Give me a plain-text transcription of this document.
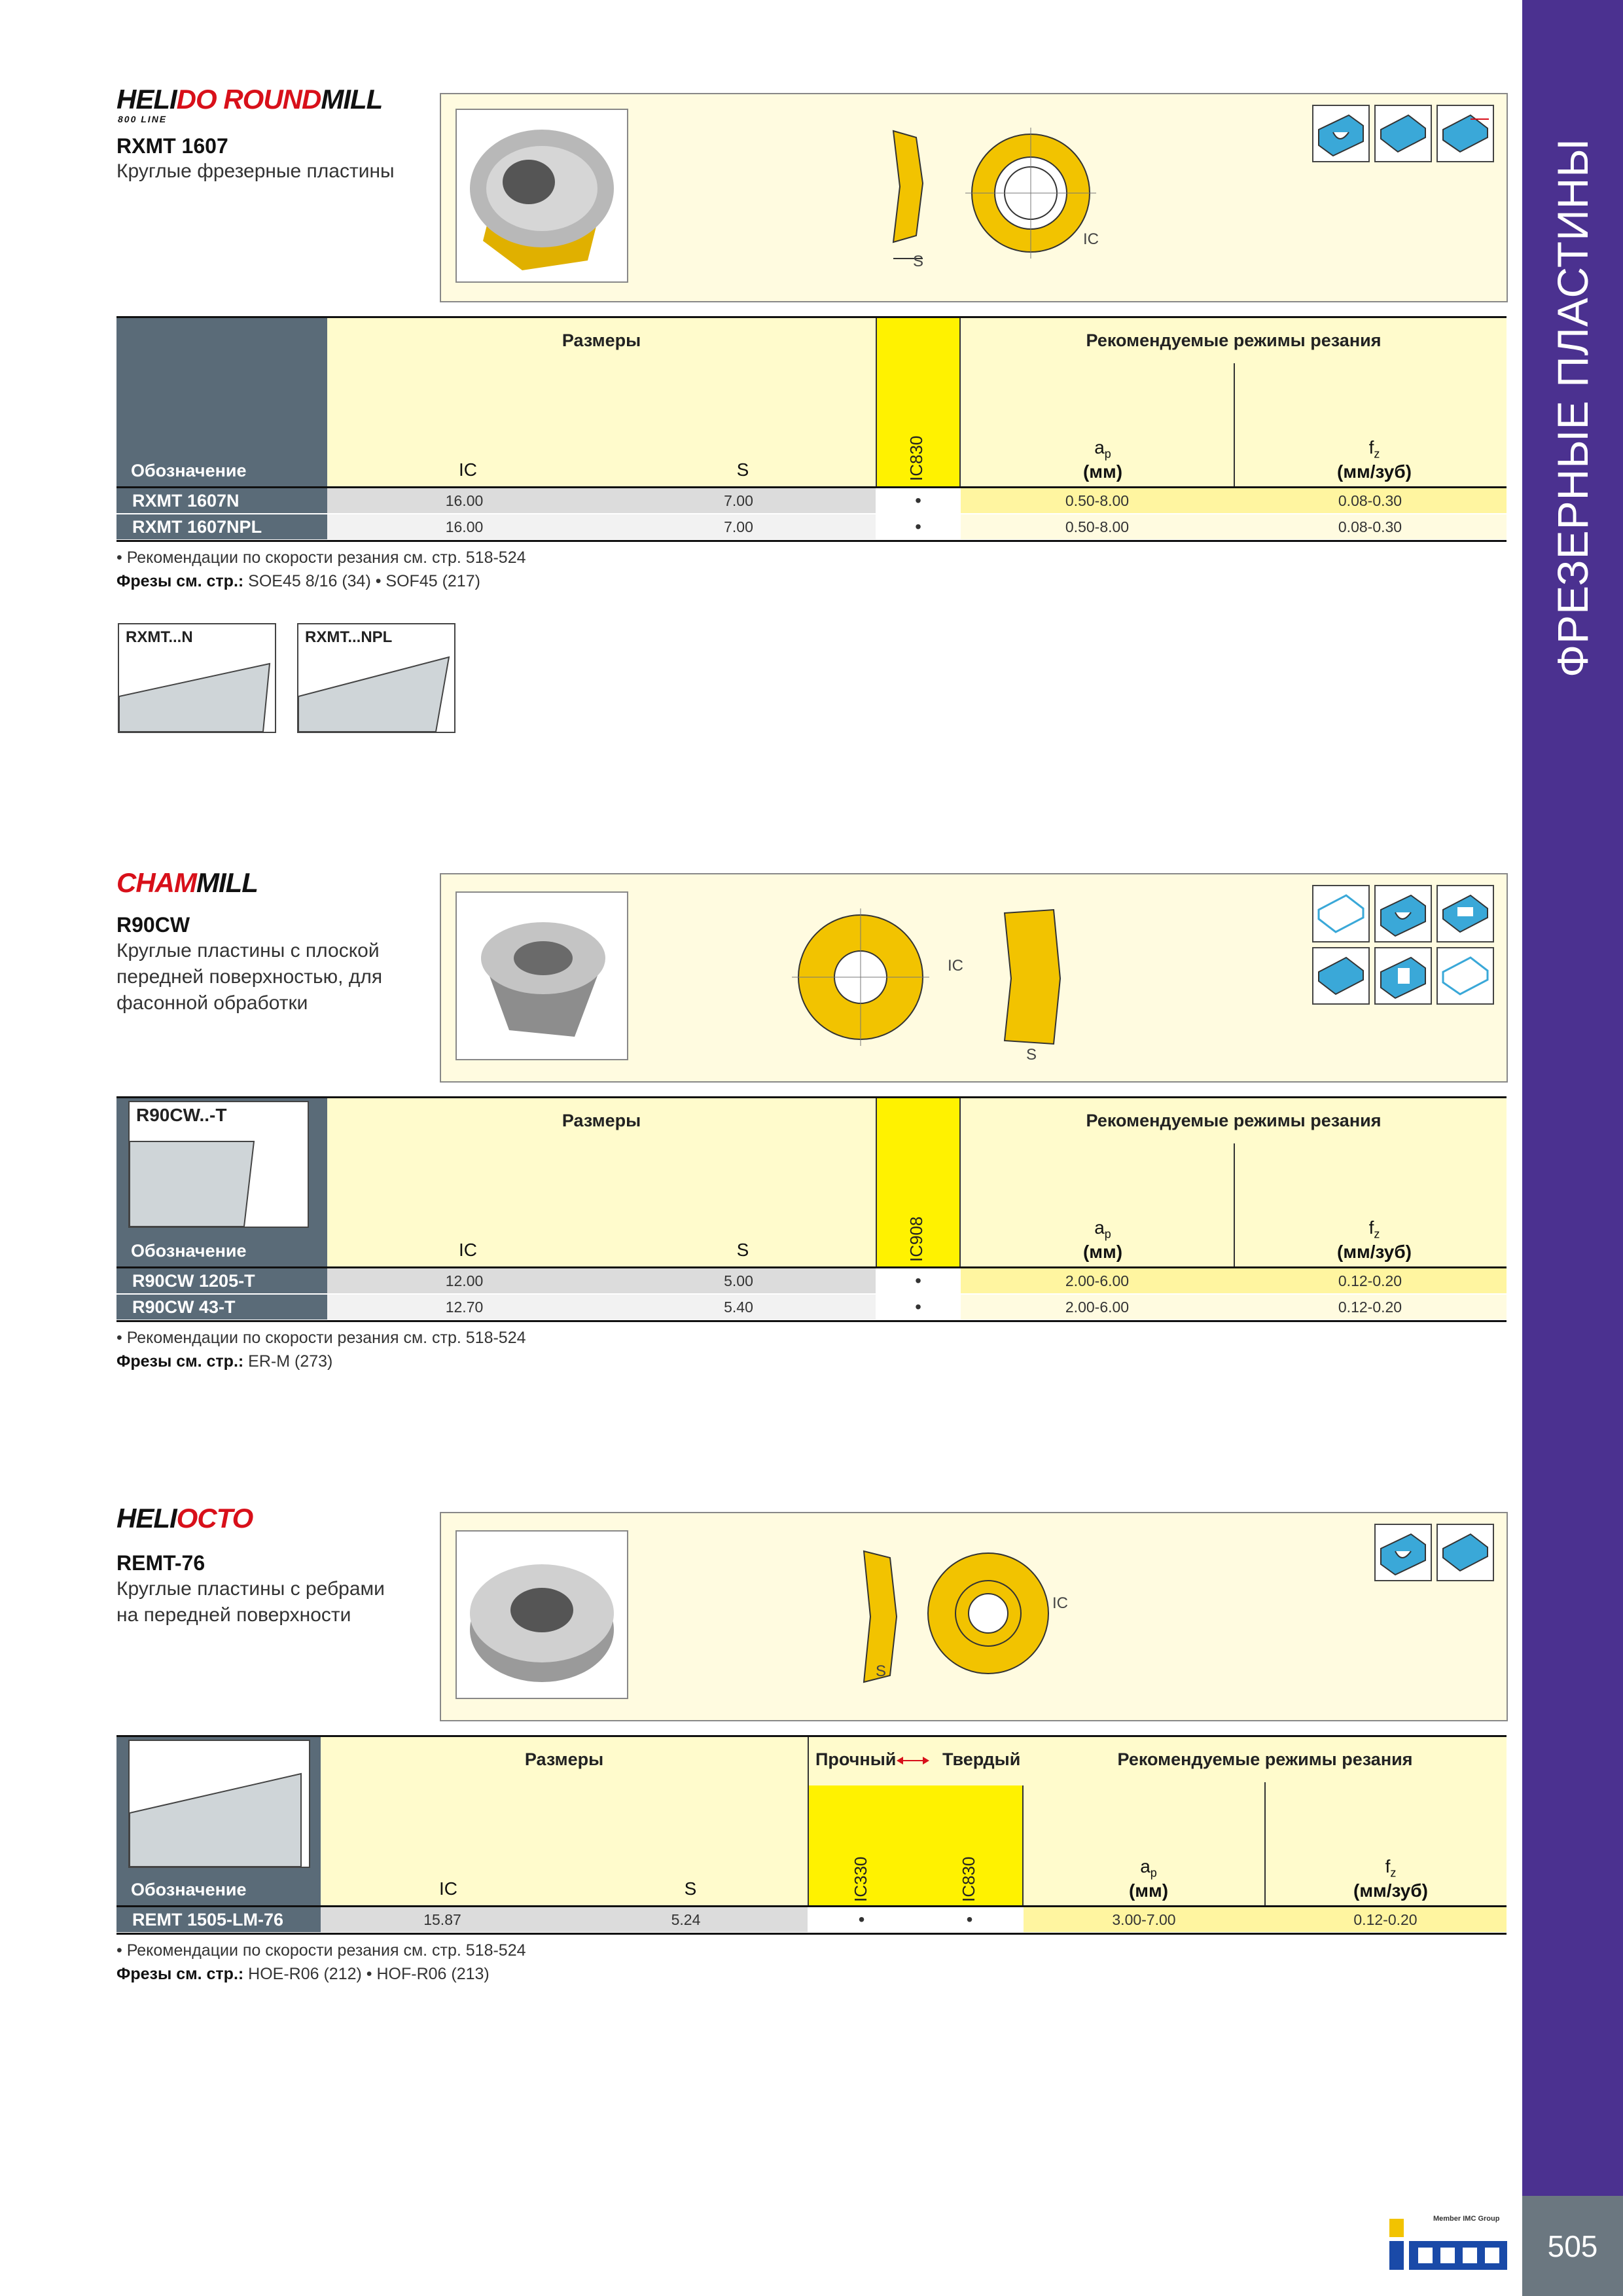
ФРЕЗЕРНЫЕ ПЛАСТИНЫ
505
Member IMC Group
HELIDO ROUNDMILL
800 LINE
RXMT 1607
Круглые фрезерные пластины
S
IC
Обозначение
Размеры
IC	S	IC830
Рекомендуемые режимы резания
$a_p$
(мм)
$f_z$
(мм/зуб)
RXMT 1607N	16.00	7.00	•	0.50-8.00	0.08-0.30
RXMT 1607NPL	16.00	7.00	•	0.50-8.00	0.08-0.30
• Рекомендации по скорости резания см. стр. 518-524
Фрезы см. стр.: SOE45 8/16 (34) • SOF45 (217)
RXMT...N	RXMT...NPL
CHAMMILL
R90CW
Круглые пластины с плоской
передней поверхностью, для
фасонной обработки
IC
S
R90CW..-T
Обозначение
Размеры
IC	S	IC908
Рекомендуемые режимы резания
$a_p$
(мм)
$f_z$
(мм/зуб)
R90CW 1205-T	12.00	5.00	•	2.00-6.00	0.12-0.20
R90CW 43-T	12.70	5.40	•	2.00-6.00	0.12-0.20
• Рекомендации по скорости резания см. стр. 518-524
Фрезы см. стр.: ER-M (273)
HELIOCTO
REMT-76
Круглые пластины с ребрами
на передней поверхности
S
IC
Обозначение
Размеры
IC	S
Прочный	Твердый
IC330	IC830
Рекомендуемые режимы резания
$a_p$
(мм)
$f_z$
(мм/зуб)
REMT 1505-LM-76	15.87	5.24	•	•	3.00-7.00	0.12-0.20
• Рекомендации по скорости резания см. стр. 518-524
Фрезы см. стр.: HOE-R06 (212) • HOF-R06 (213)
